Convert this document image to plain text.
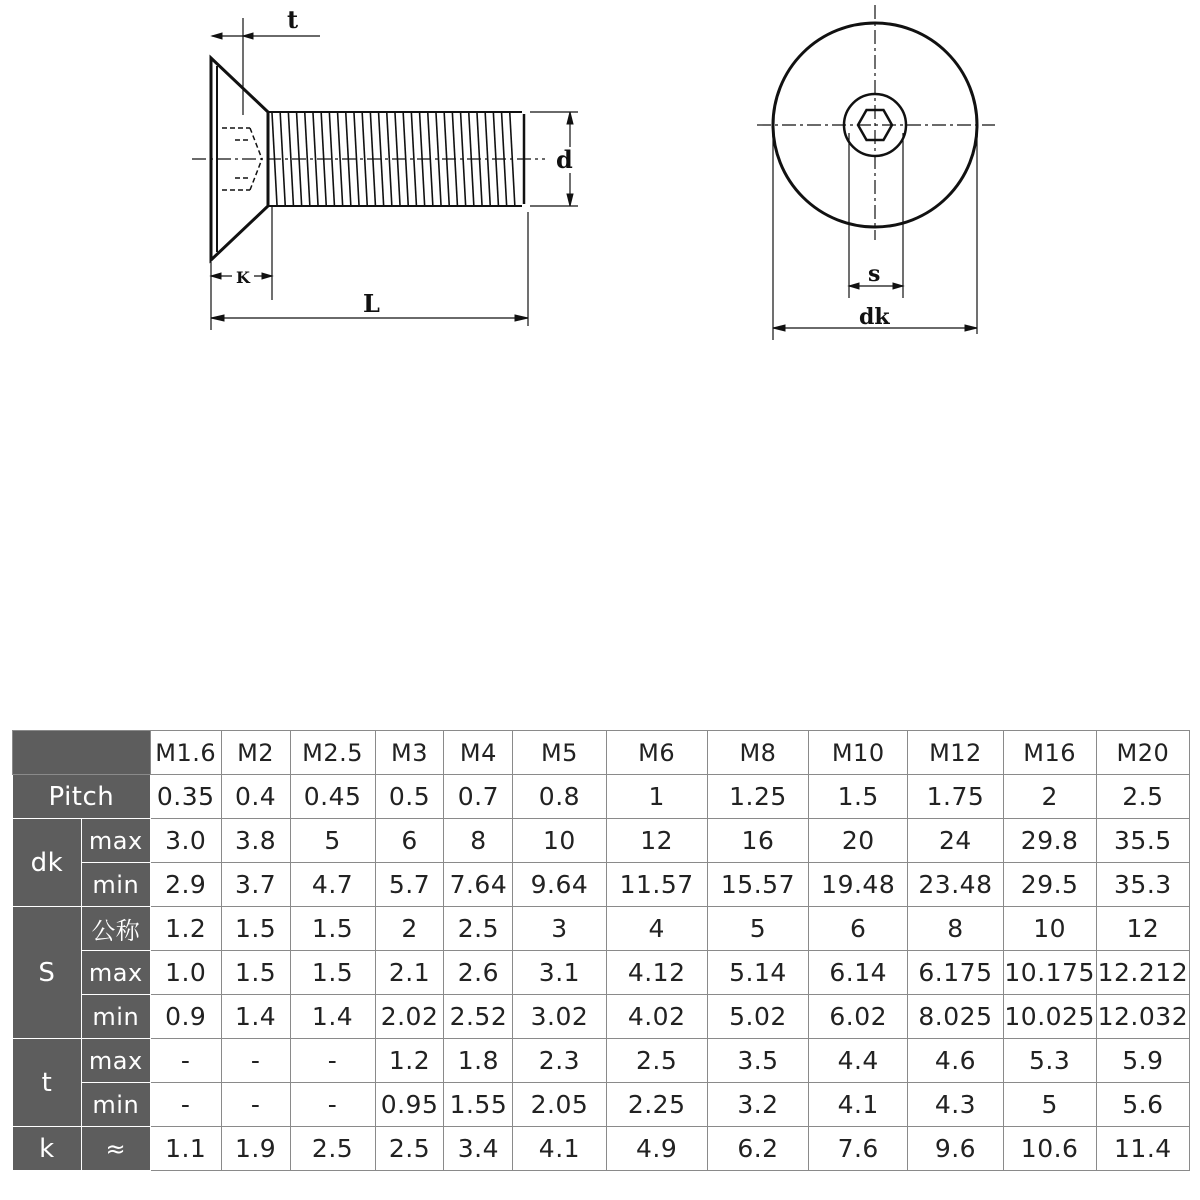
t
d
K
L
s
dk
		M1.6	M2	M2.5	M3	M4	M5	M6	M8	M10	M12	M16	M20
Pitch		0.35	0.4	0.45	0.5	0.7	0.8	1	1.25	1.5	1.75	2	2.5
dk	max	3.0	3.8	5	6	8	10	12	16	20	24	29.8	35.5
	min	2.9	3.7	4.7	5.7	7.64	9.64	11.57	15.57	19.48	23.48	29.5	35.3
S	公称	1.2	1.5	1.5	2	2.5	3	4	5	6	8	10	12
	max	1.0	1.5	1.5	2.1	2.6	3.1	4.12	5.14	6.14	6.175	10.175	12.212
	min	0.9	1.4	1.4	2.02	2.52	3.02	4.02	5.02	6.02	8.025	10.025	12.032
t	max	-	-	-	1.2	1.8	2.3	2.5	3.5	4.4	4.6	5.3	5.9
	min	-	-	-	0.95	1.55	2.05	2.25	3.2	4.1	4.3	5	5.6
k	≈	1.1	1.9	2.5	2.5	3.4	4.1	4.9	6.2	7.6	9.6	10.6	11.4
